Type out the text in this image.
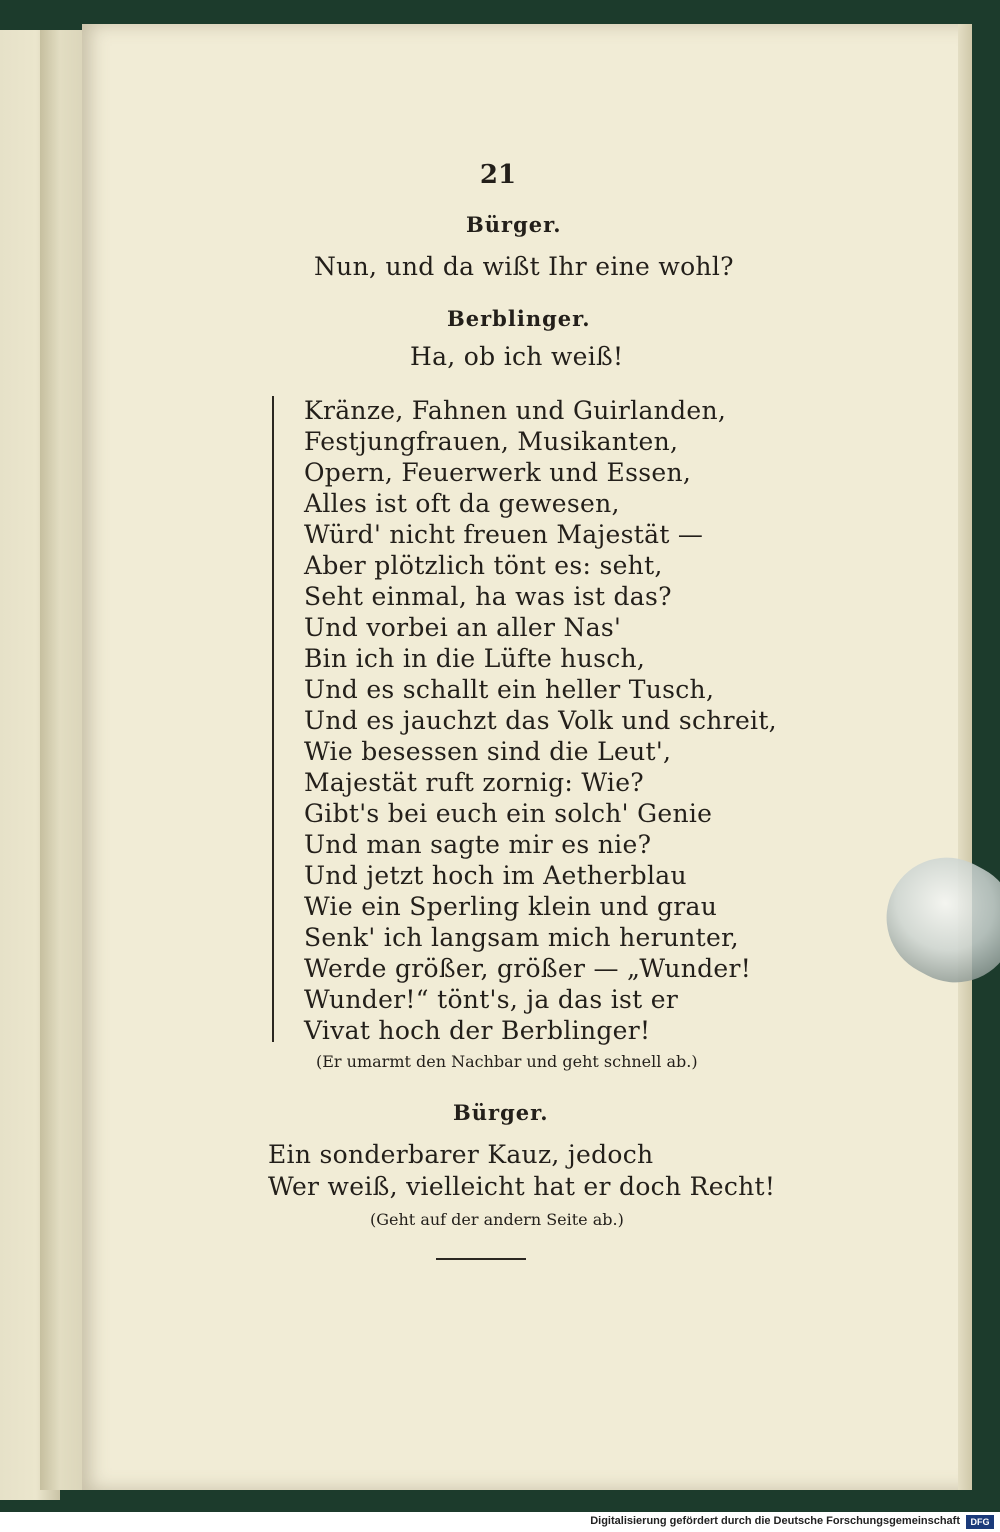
21
Bürger.
Nun, und da wißt Ihr eine wohl?
Berblinger.
Ha, ob ich weiß!
Kränze, Fahnen und Guirlanden,
Festjungfrauen, Musikanten,
Opern, Feuerwerk und Essen,
Alles ist oft da gewesen,
Würd' nicht freuen Majestät —
Aber plötzlich tönt es: seht,
Seht einmal, ha was ist das?
Und vorbei an aller Nas'
Bin ich in die Lüfte husch,
Und es schallt ein heller Tusch,
Und es jauchzt das Volk und schreit,
Wie besessen sind die Leut',
Majestät ruft zornig: Wie?
Gibt's bei euch ein solch' Genie
Und man sagte mir es nie?
Und jetzt hoch im Aetherblau
Wie ein Sperling klein und grau
Senk' ich langsam mich herunter,
Werde größer, größer — „Wunder!
Wunder!“ tönt's, ja das ist er
Vivat hoch der Berblinger!
(Er umarmt den Nachbar und geht schnell ab.)
Bürger.
Ein sonderbarer Kauz, jedoch
Wer weiß, vielleicht hat er doch Recht!
(Geht auf der andern Seite ab.)
Digitalisierung gefördert durch die Deutsche Forschungsgemeinschaft	DFG
